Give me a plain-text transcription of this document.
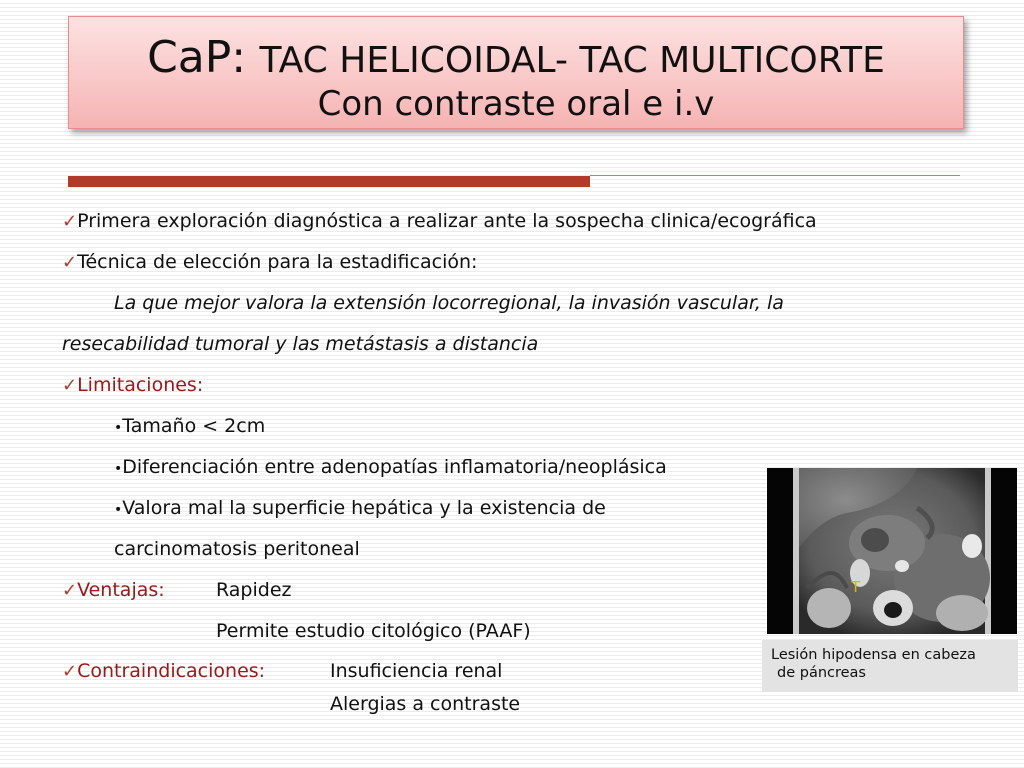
CaP: TAC HELICOIDAL- TAC MULTICORTE
Con contraste oral e i.v
✓Primera exploración diagnóstica a realizar ante la sospecha clinica/ecográfica
✓Técnica de elección para la estadificación:
La que mejor valora la extensión locorregional, la invasión vascular, la
resecabilidad tumoral y las metástasis a distancia
✓Limitaciones:
•Tamaño < 2cm
•Diferenciación entre adenopatías inflamatoria/neoplásica
•Valora mal la superficie hepática y la existencia de
carcinomatosis peritoneal
✓Ventajas:	Rapidez
Permite estudio citológico (PAAF)
✓Contraindicaciones:	Insuficiencia renal
Alergias a contraste
T
Lesión hipodensa en cabeza
de páncreas
